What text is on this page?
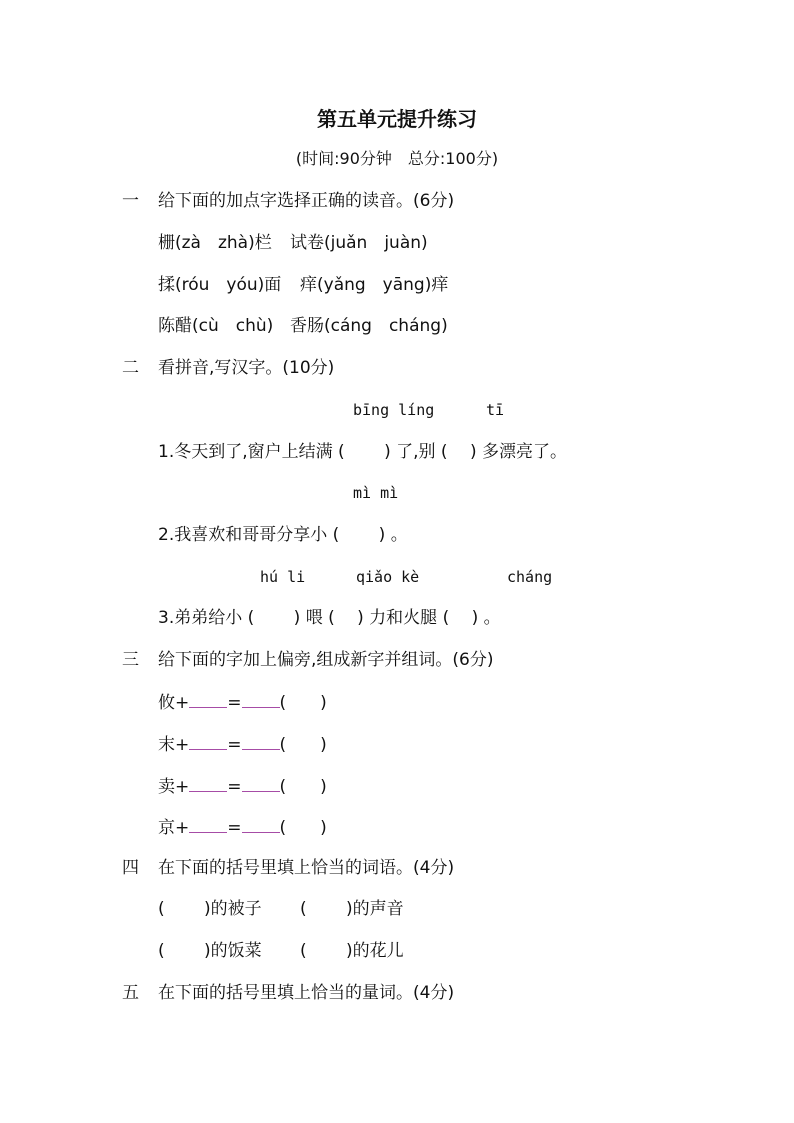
第五单元提升练习
(时间:90分钟　总分:100分)
一 给下面的加点字选择正确的读音。(6分)
栅(zà　zhà)栏 试卷(juǎn　juàn)
揉(róu　yóu)面 痒(yǎng　yāng)痒
陈醋(cù　chù) 香肠(cáng　cháng)
二 看拼音,写汉字。(10分)
bīng líng	tī
1.冬天到了,窗户上结满 (　　 ) 了,别 (　 ) 多漂亮了。
mì mì
2.我喜欢和哥哥分享小 (　　 ) 。
hú li	qiǎo kè	cháng
3.弟弟给小 (　　 ) 喂 (　 ) 力和火腿 (　 ) 。
三 给下面的字加上偏旁,组成新字并组词。(6分)
攸+ = (　　)
末+ = (　　)
卖+ = (　　)
京+ = (　　)
四 在下面的括号里填上恰当的词语。(4分)
(　　 )的被子 (　　 )的声音
(　　 )的饭菜 (　　 )的花儿
五 在下面的括号里填上恰当的量词。(4分)
